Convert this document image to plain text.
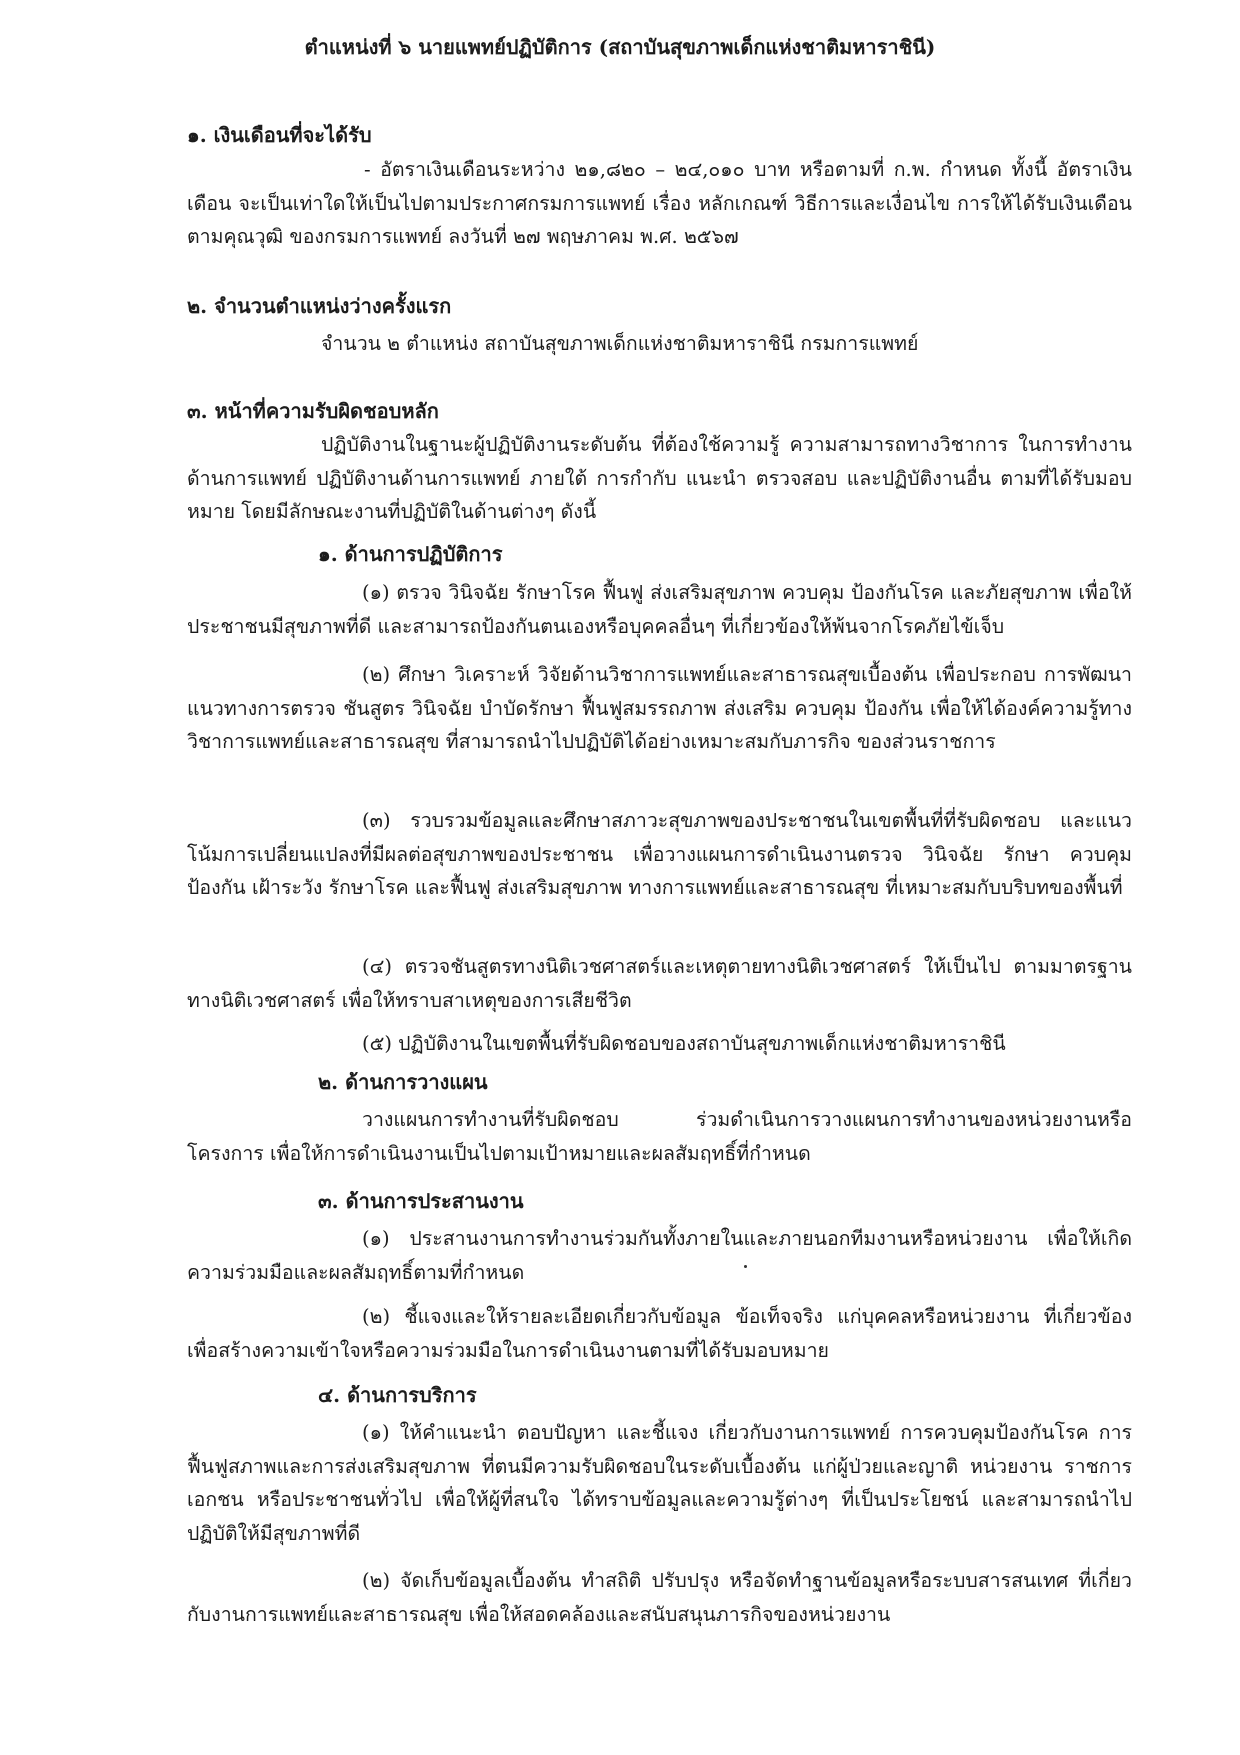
ตำแหน่งที่ ๖ นายแพทย์ปฏิบัติการ (สถาบันสุขภาพเด็กแห่งชาติมหาราชินี)
๑. เงินเดือนที่จะได้รับ
- อัตราเงินเดือนระหว่าง ๒๑,๘๒๐ – ๒๔,๐๑๐ บาท หรือตามที่ ก.พ. กำหนด ทั้งนี้ อัตราเงินเดือน จะเป็นเท่าใดให้เป็นไปตามประกาศกรมการแพทย์ เรื่อง หลักเกณฑ์ วิธีการและเงื่อนไข การให้ได้รับเงินเดือนตามคุณวุฒิ ของกรมการแพทย์ ลงวันที่ ๒๗ พฤษภาคม พ.ศ. ๒๕๖๗
๒. จำนวนตำแหน่งว่างครั้งแรก
จำนวน ๒ ตำแหน่ง สถาบันสุขภาพเด็กแห่งชาติมหาราชินี กรมการแพทย์
๓. หน้าที่ความรับผิดชอบหลัก
ปฏิบัติงานในฐานะผู้ปฏิบัติงานระดับต้น ที่ต้องใช้ความรู้ ความสามารถทางวิชาการ ในการทำงานด้านการแพทย์ ปฏิบัติงานด้านการแพทย์ ภายใต้ การกำกับ แนะนำ ตรวจสอบ และปฏิบัติงานอื่น ตามที่ได้รับมอบหมาย โดยมีลักษณะงานที่ปฏิบัติในด้านต่างๆ ดังนี้
๑. ด้านการปฏิบัติการ
(๑) ตรวจ วินิจฉัย รักษาโรค ฟื้นฟู ส่งเสริมสุขภาพ ควบคุม ป้องกันโรค และภัยสุขภาพ เพื่อให้ประชาชนมีสุขภาพที่ดี และสามารถป้องกันตนเองหรือบุคคลอื่นๆ ที่เกี่ยวข้องให้พ้นจากโรคภัยไข้เจ็บ
(๒) ศึกษา วิเคราะห์ วิจัยด้านวิชาการแพทย์และสาธารณสุขเบื้องต้น เพื่อประกอบ การพัฒนาแนวทางการตรวจ ชันสูตร วินิจฉัย บำบัดรักษา ฟื้นฟูสมรรถภาพ ส่งเสริม ควบคุม ป้องกัน เพื่อให้ได้องค์ความรู้ทางวิชาการแพทย์และสาธารณสุข ที่สามารถนำไปปฏิบัติได้อย่างเหมาะสมกับภารกิจ ของส่วนราชการ
(๓) รวบรวมข้อมูลและศึกษาสภาวะสุขภาพของประชาชนในเขตพื้นที่ที่รับผิดชอบ และแนวโน้มการเปลี่ยนแปลงที่มีผลต่อสุขภาพของประชาชน เพื่อวางแผนการดำเนินงานตรวจ วินิจฉัย รักษา ควบคุม ป้องกัน เฝ้าระวัง รักษาโรค และฟื้นฟู ส่งเสริมสุขภาพ ทางการแพทย์และสาธารณสุข ที่เหมาะสมกับบริบทของพื้นที่
(๔) ตรวจชันสูตรทางนิติเวชศาสตร์และเหตุตายทางนิติเวชศาสตร์ ให้เป็นไป ตามมาตรฐานทางนิติเวชศาสตร์ เพื่อให้ทราบสาเหตุของการเสียชีวิต
(๕) ปฏิบัติงานในเขตพื้นที่รับผิดชอบของสถาบันสุขภาพเด็กแห่งชาติมหาราชินี
๒. ด้านการวางแผน
วางแผนการทำงานที่รับผิดชอบ ร่วมดำเนินการวางแผนการทำงานของหน่วยงานหรือ โครงการ เพื่อให้การดำเนินงานเป็นไปตามเป้าหมายและผลสัมฤทธิ์ที่กำหนด
๓. ด้านการประสานงาน
(๑) ประสานงานการทำงานร่วมกันทั้งภายในและภายนอกทีมงานหรือหน่วยงาน เพื่อให้เกิดความร่วมมือและผลสัมฤทธิ์ตามที่กำหนด
(๒) ชี้แจงและให้รายละเอียดเกี่ยวกับข้อมูล ข้อเท็จจริง แก่บุคคลหรือหน่วยงาน ที่เกี่ยวข้อง เพื่อสร้างความเข้าใจหรือความร่วมมือในการดำเนินงานตามที่ได้รับมอบหมาย
๔. ด้านการบริการ
(๑) ให้คำแนะนำ ตอบปัญหา และชี้แจง เกี่ยวกับงานการแพทย์ การควบคุมป้องกันโรค การฟื้นฟูสภาพและการส่งเสริมสุขภาพ ที่ตนมีความรับผิดชอบในระดับเบื้องต้น แก่ผู้ป่วยและญาติ หน่วยงาน ราชการ เอกชน หรือประชาชนทั่วไป เพื่อให้ผู้ที่สนใจ ได้ทราบข้อมูลและความรู้ต่างๆ ที่เป็นประโยชน์ และสามารถนำไปปฏิบัติให้มีสุขภาพที่ดี
(๒) จัดเก็บข้อมูลเบื้องต้น ทำสถิติ ปรับปรุง หรือจัดทำฐานข้อมูลหรือระบบสารสนเทศ ที่เกี่ยวกับงานการแพทย์และสาธารณสุข เพื่อให้สอดคล้องและสนับสนุนภารกิจของหน่วยงาน
